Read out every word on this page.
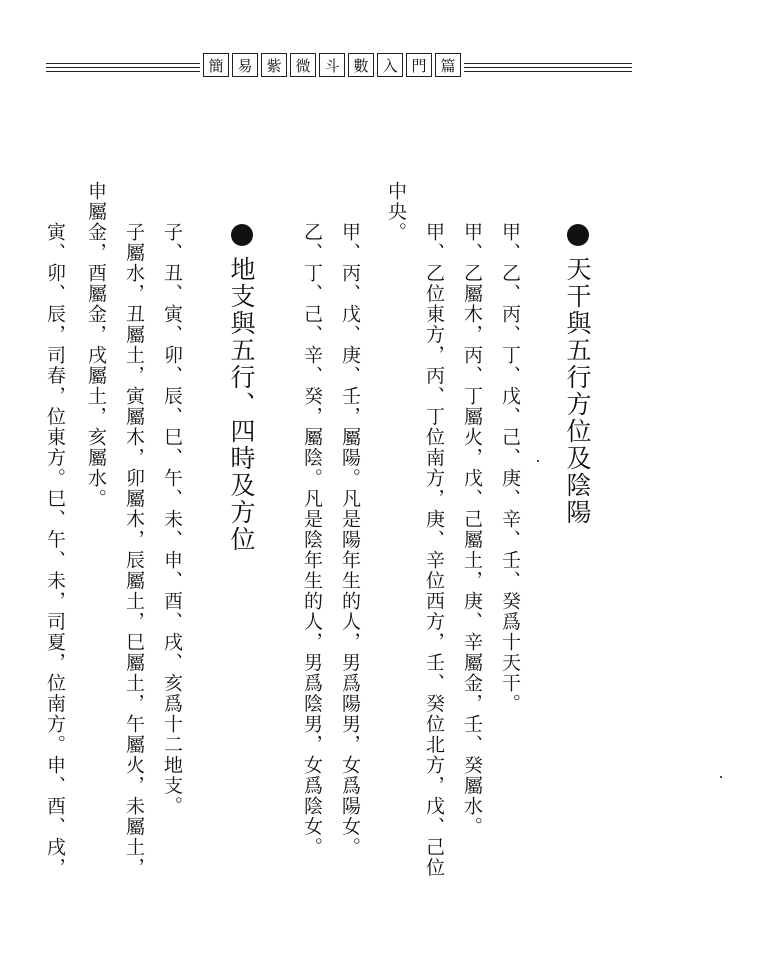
簡 易 紫 微 斗 數 入 門 篇
天干與五行方位及陰陽
甲、乙、丙、丁、戊、己、庚、辛、壬、癸爲十天干。
甲、乙屬木，丙、丁屬火，戊、己屬土，庚、辛屬金，壬、癸屬水。
甲、乙位東方，丙、丁位南方，庚、辛位西方，壬、癸位北方，戊、己位
中央。
甲、丙、戊、庚、壬，屬陽。凡是陽年生的人，男爲陽男，女爲陽女。
乙、丁、己、辛、癸，屬陰。凡是陰年生的人，男爲陰男，女爲陰女。
地支與五行、四時及方位
子、丑、寅、卯、辰、巳、午、未、申、酉、戌、亥爲十二地支。
子屬水，丑屬土，寅屬木，卯屬木，辰屬土，巳屬土，午屬火，未屬土，
申屬金，酉屬金，戌屬土，亥屬水。
寅、卯、辰，司春，位東方。巳、午、未，司夏，位南方。申、酉、戌，
